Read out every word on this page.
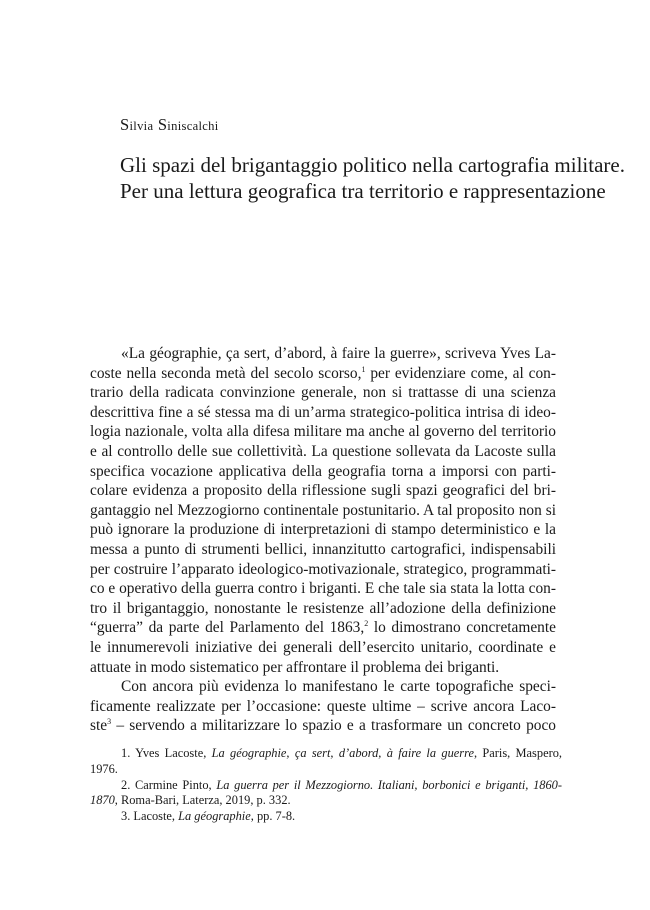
Silvia Siniscalchi
Gli spazi del brigantaggio politico nella cartografia militare.
Per una lettura geografica tra territorio e rappresentazione
«La géographie, ça sert, d’abord, à faire la guerre», scriveva Yves La-
coste nella seconda metà del secolo scorso,$^1$ per evidenziare come, al con-
trario della radicata convinzione generale, non si trattasse di una scienza
descrittiva fine a sé stessa ma di un’arma strategico-politica intrisa di ideo-
logia nazionale, volta alla difesa militare ma anche al governo del territorio
e al controllo delle sue collettività. La questione sollevata da Lacoste sulla
specifica vocazione applicativa della geografia torna a imporsi con parti-
colare evidenza a proposito della riflessione sugli spazi geografici del bri-
gantaggio nel Mezzogiorno continentale postunitario. A tal proposito non si
può ignorare la produzione di interpretazioni di stampo deterministico e la
messa a punto di strumenti bellici, innanzitutto cartografici, indispensabili
per costruire l’apparato ideologico-motivazionale, strategico, programmati-
co e operativo della guerra contro i briganti. E che tale sia stata la lotta con-
tro il brigantaggio, nonostante le resistenze all’adozione della definizione
“guerra” da parte del Parlamento del 1863,$^2$ lo dimostrano concretamente
le innumerevoli iniziative dei generali dell’esercito unitario, coordinate e
attuate in modo sistematico per affrontare il problema dei briganti.
Con ancora più evidenza lo manifestano le carte topografiche speci-
ficamente realizzate per l’occasione: queste ultime – scrive ancora Laco-
ste$^3$ – servendo a militarizzare lo spazio e a trasformare un concreto poco
1. Yves Lacoste, La géographie, ça sert, d’abord, à faire la guerre, Paris, Maspero,
1976.
2. Carmine Pinto, La guerra per il Mezzogiorno. Italiani, borbonici e briganti, 1860-
1870, Roma-Bari, Laterza, 2019, p. 332.
3. Lacoste, La géographie, pp. 7-8.
